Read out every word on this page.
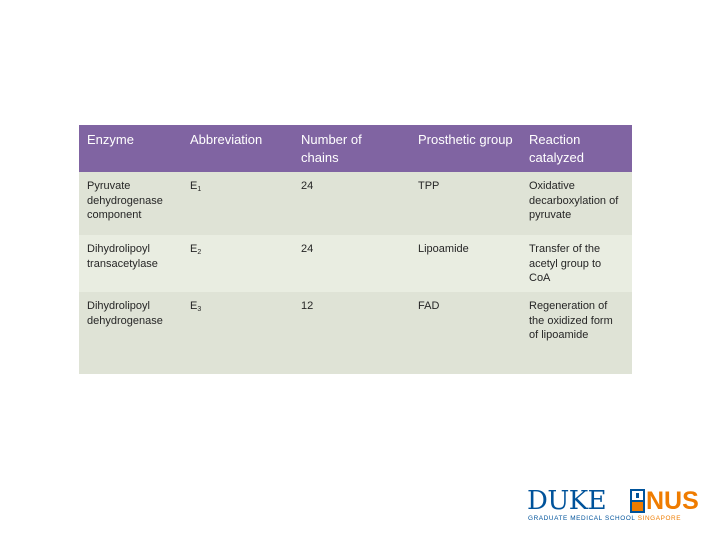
Enzyme	Abbreviation	Number of chains	Prosthetic group	Reaction catalyzed
Pyruvate dehydrogenase component	$E_1$	24	TPP	Oxidative decarboxylation of pyruvate
Dihydrolipoyl transacetylase	$E_2$	24	Lipoamide	Transfer of the acetyl group to CoA
Dihydrolipoyl dehydrogenase	$E_3$	12	FAD	Regeneration of the oxidized form of lipoamide
DUKE NUS
GRADUATE MEDICAL SCHOOL SINGAPORE
